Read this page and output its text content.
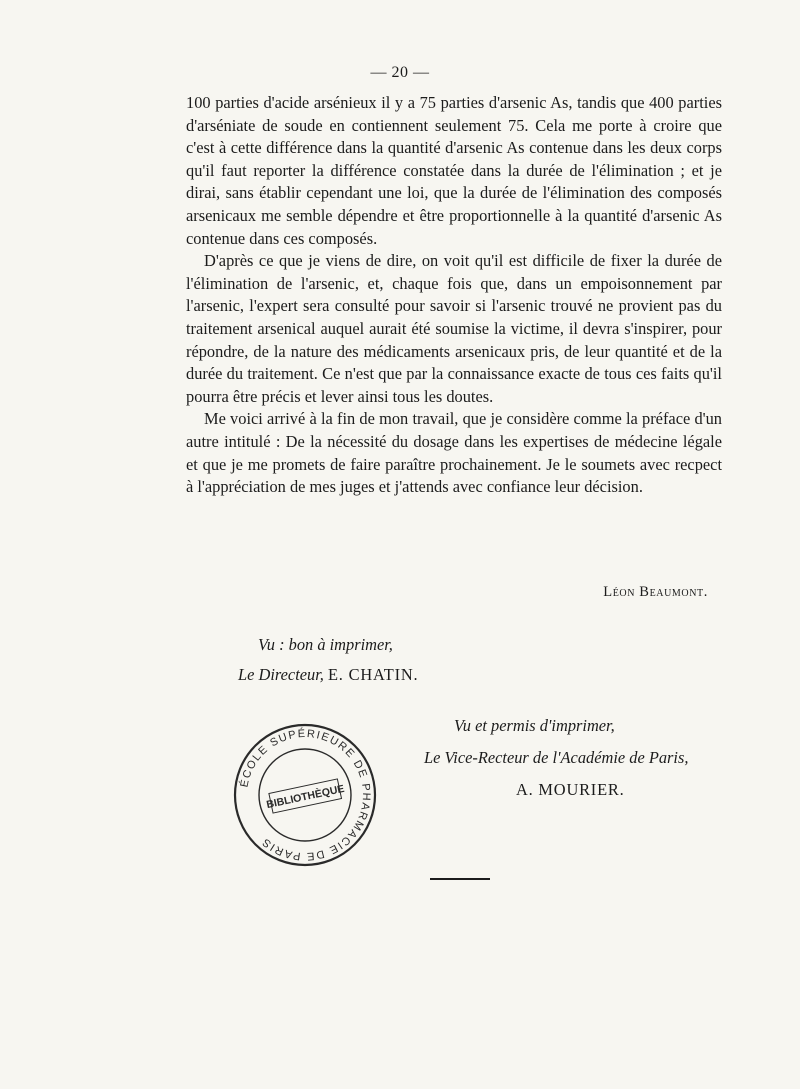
— 20 —

100 parties d'acide arsénieux il y a 75 parties d'arsenic As, tandis que 400 parties d'arséniate de soude en contiennent seulement 75. Cela me porte à croire que c'est à cette différence dans la quantité d'arsenic As contenue dans les deux corps qu'il faut reporter la différence constatée dans la durée de l'élimination ; et je dirai, sans établir cependant une loi, que la durée de l'élimination des composés arsenicaux me semble dépendre et être proportionnelle à la quantité d'arsenic As contenue dans ces composés.

D'après ce que je viens de dire, on voit qu'il est difficile de fixer la durée de l'élimination de l'arsenic, et, chaque fois que, dans un empoisonnement par l'arsenic, l'expert sera consulté pour savoir si l'arsenic trouvé ne provient pas du traitement arsenical auquel aurait été soumise la victime, il devra s'inspirer, pour répondre, de la nature des médicaments arsenicaux pris, de leur quantité et de la durée du traitement. Ce n'est que par la connaissance exacte de tous ces faits qu'il pourra être précis et lever ainsi tous les doutes.

Me voici arrivé à la fin de mon travail, que je considère comme la préface d'un autre intitulé : De la nécessité du dosage dans les expertises de médecine légale et que je me promets de faire paraître prochainement. Je le soumets avec recpect à l'appréciation de mes juges et j'attends avec confiance leur décision.

Léon Beaumont.
Vu : bon à imprimer,
Le Directeur, E. CHATIN.
Vu et permis d'imprimer,
Le Vice-Recteur de l'Académie de Paris,
A. MOURIER.
ÉCOLE SUPÉRIEURE DE PHARMACIE DE PARIS
BIBLIOTHÈQUE
